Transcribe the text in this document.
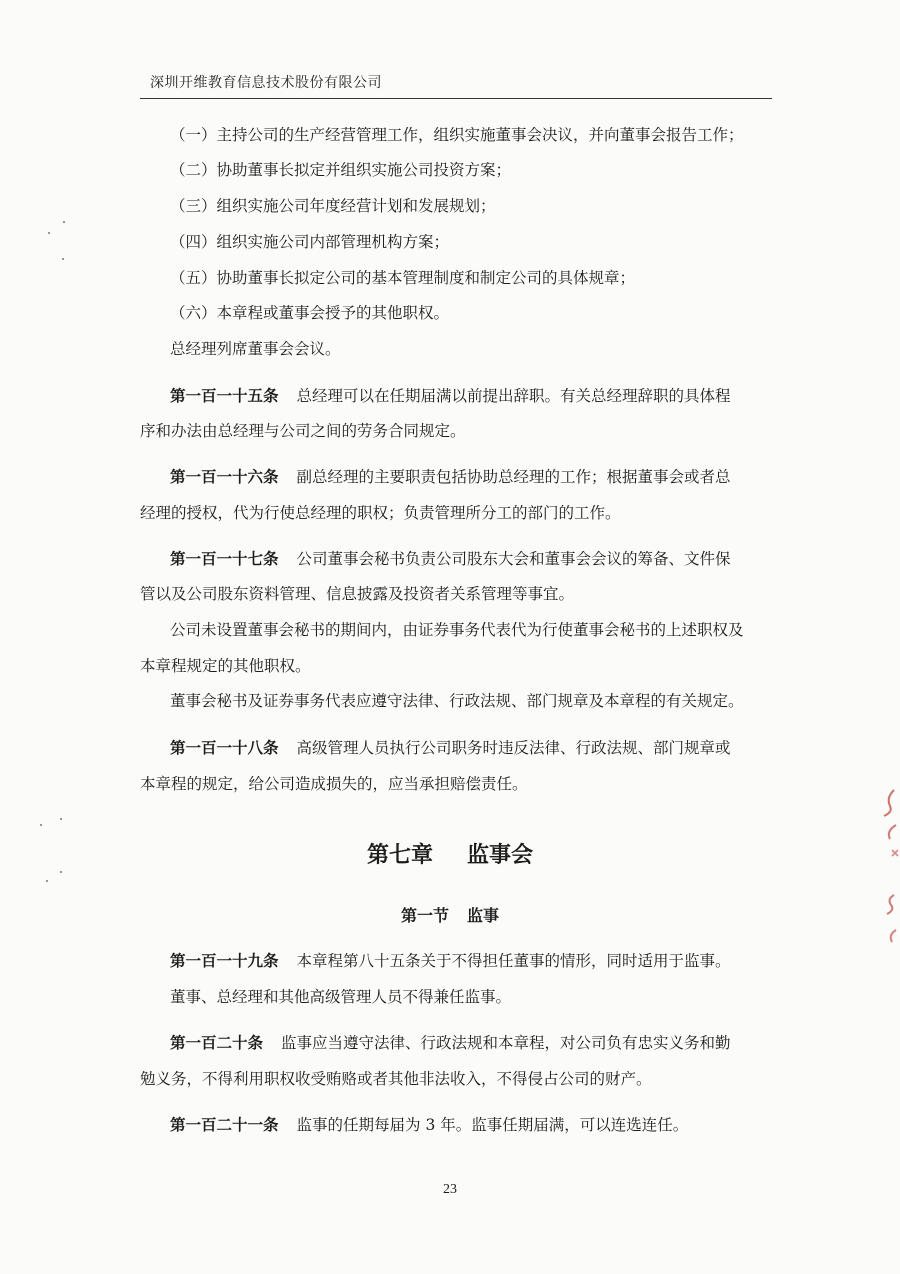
深圳开维教育信息技术股份有限公司
（一）主持公司的生产经营管理工作，组织实施董事会决议，并向董事会报告工作；
（二）协助董事长拟定并组织实施公司投资方案；
（三）组织实施公司年度经营计划和发展规划；
（四）组织实施公司内部管理机构方案；
（五）协助董事长拟定公司的基本管理制度和制定公司的具体规章；
（六）本章程或董事会授予的其他职权。
总经理列席董事会会议。
第一百一十五条 总经理可以在任期届满以前提出辞职。有关总经理辞职的具体程
序和办法由总经理与公司之间的劳务合同规定。
第一百一十六条 副总经理的主要职责包括协助总经理的工作；根据董事会或者总
经理的授权，代为行使总经理的职权；负责管理所分工的部门的工作。
第一百一十七条 公司董事会秘书负责公司股东大会和董事会会议的筹备、文件保
管以及公司股东资料管理、信息披露及投资者关系管理等事宜。
公司未设置董事会秘书的期间内，由证券事务代表代为行使董事会秘书的上述职权及
本章程规定的其他职权。
董事会秘书及证券事务代表应遵守法律、行政法规、部门规章及本章程的有关规定。
第一百一十八条 高级管理人员执行公司职务时违反法律、行政法规、部门规章或
本章程的规定，给公司造成损失的，应当承担赔偿责任。
第七章 监事会
第一节 监事
第一百一十九条 本章程第八十五条关于不得担任董事的情形，同时适用于监事。
董事、总经理和其他高级管理人员不得兼任监事。
第一百二十条 监事应当遵守法律、行政法规和本章程，对公司负有忠实义务和勤
勉义务，不得利用职权收受贿赂或者其他非法收入，不得侵占公司的财产。
第一百二十一条 监事的任期每届为 3 年。监事任期届满，可以连选连任。
23
